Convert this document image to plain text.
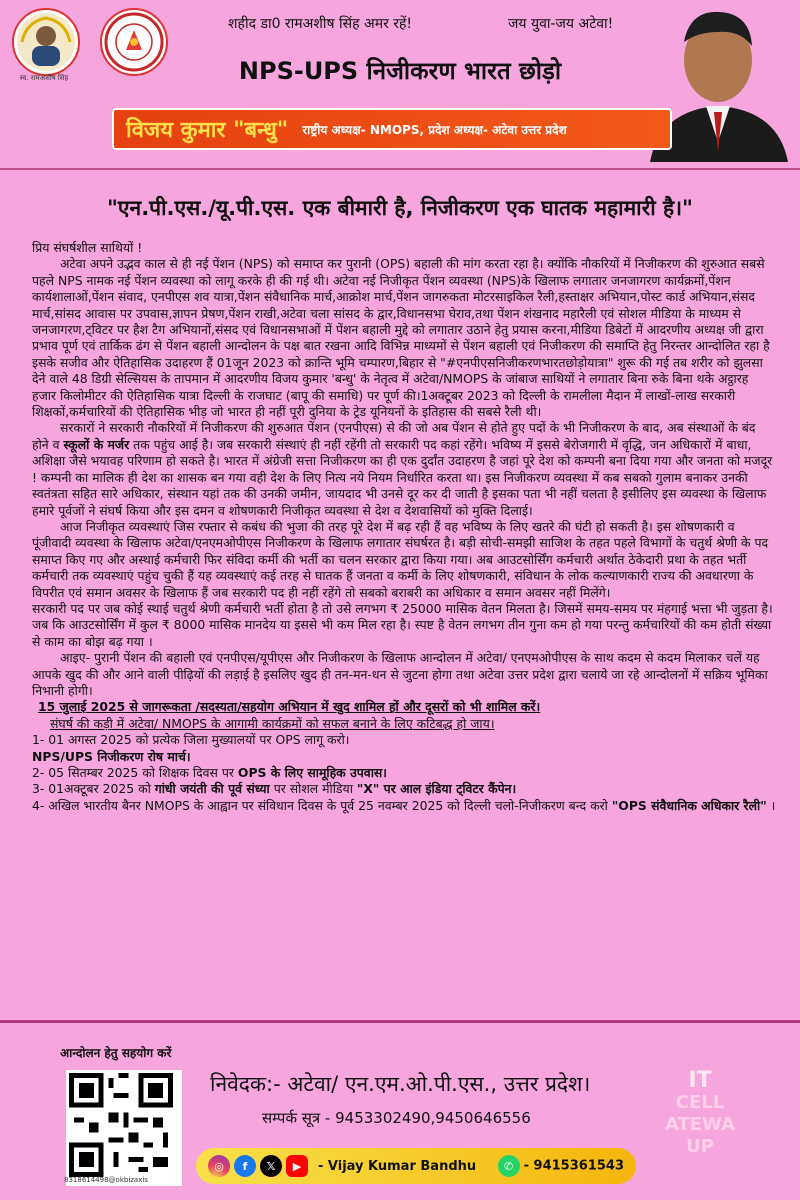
स्व. रामअशीष सिंह
शहीद डा0 रामअशीष सिंह अमर रहें!	जय युवा-जय अटेवा!
NPS-UPS निजीकरण भारत छोड़ो
विजय कुमार "बन्धु" राष्ट्रीय अध्यक्ष- NMOPS, प्रदेश अध्यक्ष- अटेवा उत्तर प्रदेश
"एन.पी.एस./यू.पी.एस. एक बीमारी है, निजीकरण एक घातक महामारी है।"

प्रिय संघर्षशील साथियों !

अटेवा अपने उद्भव काल से ही नई पेंशन (NPS) को समाप्त कर पुरानी (OPS) बहाली की मांग करता रहा है। क्योंकि नौकरियों में निजीकरण की शुरुआत सबसे पहले NPS नामक नई पेंशन व्यवस्था को लागू करके ही की गई थी। अटेवा नई निजीकृत पेंशन व्यवस्था (NPS)के खिलाफ लगातार जनजागरण कार्यक्रमों,पेंशन कार्यशालाओं,पेंशन संवाद, एनपीएस शव यात्रा,पेंशन संवैधानिक मार्च,आक्रोश मार्च,पेंशन जागरुकता मोटरसाइकिल रैली,हस्ताक्षर अभियान,पोस्ट कार्ड अभियान,संसद मार्च,सांसद आवास पर उपवास,ज्ञापन प्रेषण,पेंशन राखी,अटेवा चला सांसद के द्वार,विधानसभा घेराव,तथा पेंशन शंखनाद महारैली एवं सोशल मीडिया के माध्यम से जनजागरण,ट्विटर पर हैश टैग अभियानों,संसद एवं विधानसभाओं में पेंशन बहाली मुद्दे को लगातार उठाने हेतु प्रयास करना,मीडिया डिबेटों में आदरणीय अध्यक्ष जी द्वारा प्रभाव पूर्ण एवं तार्किक ढंग से पेंशन बहाली आन्दोलन के पक्ष बात रखना आदि विभिन्न माध्यमों से पेंशन बहाली एवं निजीकरण की समाप्ति हेतु निरन्तर आन्दोलित रहा है इसके सजीव और ऐतिहासिक उदाहरण हैं 01जून 2023 को क्रान्ति भूमि चम्पारण,बिहार से "#एनपीएसनिजीकरणभारतछोड़ोयात्रा" शुरू की गई तब शरीर को झुलसा देने वाले 48 डिग्री सेल्सियस के तापमान में आदरणीय विजय कुमार 'बन्धु' के नेतृत्व में अटेवा/NMOPS के जांबाज साथियों ने लगातार बिना रुके बिना थके अट्ठारह हजार किलोमीटर की ऐतिहासिक यात्रा दिल्ली के राजघाट (बापू की समाधि) पर पूर्ण की।1अक्टूबर 2023 को दिल्ली के रामलीला मैदान में लाखों-लाख सरकारी शिक्षकों,कर्मचारियों की ऐतिहासिक भीड़ जो भारत ही नहीं पूरी दुनिया के ट्रेड यूनियनों के इतिहास की सबसे रैली थी।

सरकारों ने सरकारी नौकरियों में निजीकरण की शुरुआत पेंशन (एनपीएस) से की जो अब पेंशन से होते हुए पदों के भी निजीकरण के बाद, अब संस्थाओं के बंद होने व स्कूलों के मर्जर तक पहुंच आई है। जब सरकारी संस्थाएं ही नहीं रहेंगी तो सरकारी पद कहां रहेंगे। भविष्य में इससे बेरोजगारी में वृद्धि, जन अधिकारों में बाधा, अशिक्षा जैसे भयावह परिणाम हो सकते है। भारत में अंग्रेजी सत्ता निजीकरण का ही एक दुर्दांत उदाहरण है जहां पूरे देश को कम्पनी बना दिया गया और जनता को मजदूर ! कम्पनी का मालिक ही देश का शासक बन गया वही देश के लिए नित्य नये नियम निर्धारित करता था। इस निजीकरण व्यवस्था में कब सबको गुलाम बनाकर उनकी स्वतंत्रता सहित सारे अधिकार, संस्थान यहां तक की उनकी जमीन, जायदाद भी उनसे दूर कर दी जाती है इसका पता भी नहीं चलता है इसीलिए इस व्यवस्था के खिलाफ हमारे पूर्वजों ने संघर्ष किया और इस दमन व शोषणकारी निजीकृत व्यवस्था से देश व देशवासियों को मुक्ति दिलाई।

आज निजीकृत व्यवस्थाएं जिस रफ्तार से कबंध की भुजा की तरह पूरे देश में बढ़ रही हैं वह भविष्य के लिए खतरे की घंटी हो सकती है। इस शोषणकारी व पूंजीवादी व्यवस्था के खिलाफ अटेवा/एनएमओपीएस निजीकरण के खिलाफ लगातार संघर्षरत है। बड़ी सोची-समझी साजिश के तहत पहले विभागों के चतुर्थ श्रेणी के पद समाप्त किए गए और अस्थाई कर्मचारी फिर संविदा कर्मी की भर्ती का चलन सरकार द्वारा किया गया। अब आउटसोर्सिंग कर्मचारी अर्थात ठेकेदारी प्रथा के तहत भर्ती कर्मचारी तक व्यवस्थाएं पहुंच चुकी हैं यह व्यवस्थाएं कई तरह से घातक हैं जनता व कर्मी के लिए शोषणकारी, संविधान के लोक कल्याणकारी राज्य की अवधारणा के विपरीत एवं समान अवसर के खिलाफ हैं जब सरकारी पद ही नहीं रहेंगे तो सबको बराबरी का अधिकार व समान अवसर नहीं मिलेंगे।

सरकारी पद पर जब कोई स्थाई चतुर्थ श्रेणी कर्मचारी भर्ती होता है तो उसे लगभग ₹ 25000 मासिक वेतन मिलता है। जिसमें समय-समय पर मंहगाई भत्ता भी जुड़ता है। जब कि आउटसोर्सिंग में कुल ₹ 8000 मासिक मानदेय या इससे भी कम मिल रहा है। स्पष्ट है वेतन लगभग तीन गुना कम हो गया परन्तु कर्मचारियों की कम होती संख्या से काम का बोझ बढ़ गया ।

आइए- पुरानी पेंशन की बहाली एवं एनपीएस/यूपीएस और निजीकरण के खिलाफ आन्दोलन में अटेवा/ एनएमओपीएस के साथ कदम से कदम मिलाकर चलें यह आपके खुद की और आने वाली पीढ़ियों की लड़ाई है इसलिए खुद ही तन-मन-धन से जुटना होगा तथा अटेवा उत्तर प्रदेश द्वारा चलाये जा रहे आन्दोलनों में सक्रिय भूमिका निभानी होगी।

15 जुलाई 2025 से जागरूकता /सदस्यता/सहयोग अभियान में खुद शामिल हों और दूसरों को भी शामिल करें।

संघर्ष की कड़ी में अटेवा/ NMOPS के आगामी कार्यक्रमों को सफल बनाने के लिए कटिबद्ध हो जाय।

1- 01 अगस्त 2025 को प्रत्येक जिला मुख्यालयों पर OPS लागू करो।

NPS/UPS निजीकरण रोष मार्च।

2- 05 सितम्बर 2025 को शिक्षक दिवस पर OPS के लिए सामूहिक उपवास।

3- 01अक्टूबर 2025 को गांधी जयंती की पूर्व संध्या पर सोशल मीडिया "X" पर आल इंडिया ट्विटर कैंपेन।

4- अखिल भारतीय बैनर NMOPS के आह्वान पर संविधान दिवस के पूर्व 25 नवम्बर 2025 को दिल्ली चलो-निजीकरण बन्द करो "OPS संवैधानिक अधिकार रैली" ।

आन्दोलन हेतु सहयोग करें
8318614498@okbizaxis
निवेदक:- अटेवा/ एन.एम.ओ.पी.एस., उत्तर प्रदेश।
सम्पर्क सूत्र - 9453302490,9450646556
◎	f	𝕏	▶	- Vijay Kumar Bandhu	✆ - 9415361543
IT
CELL
ATEWA
UP
